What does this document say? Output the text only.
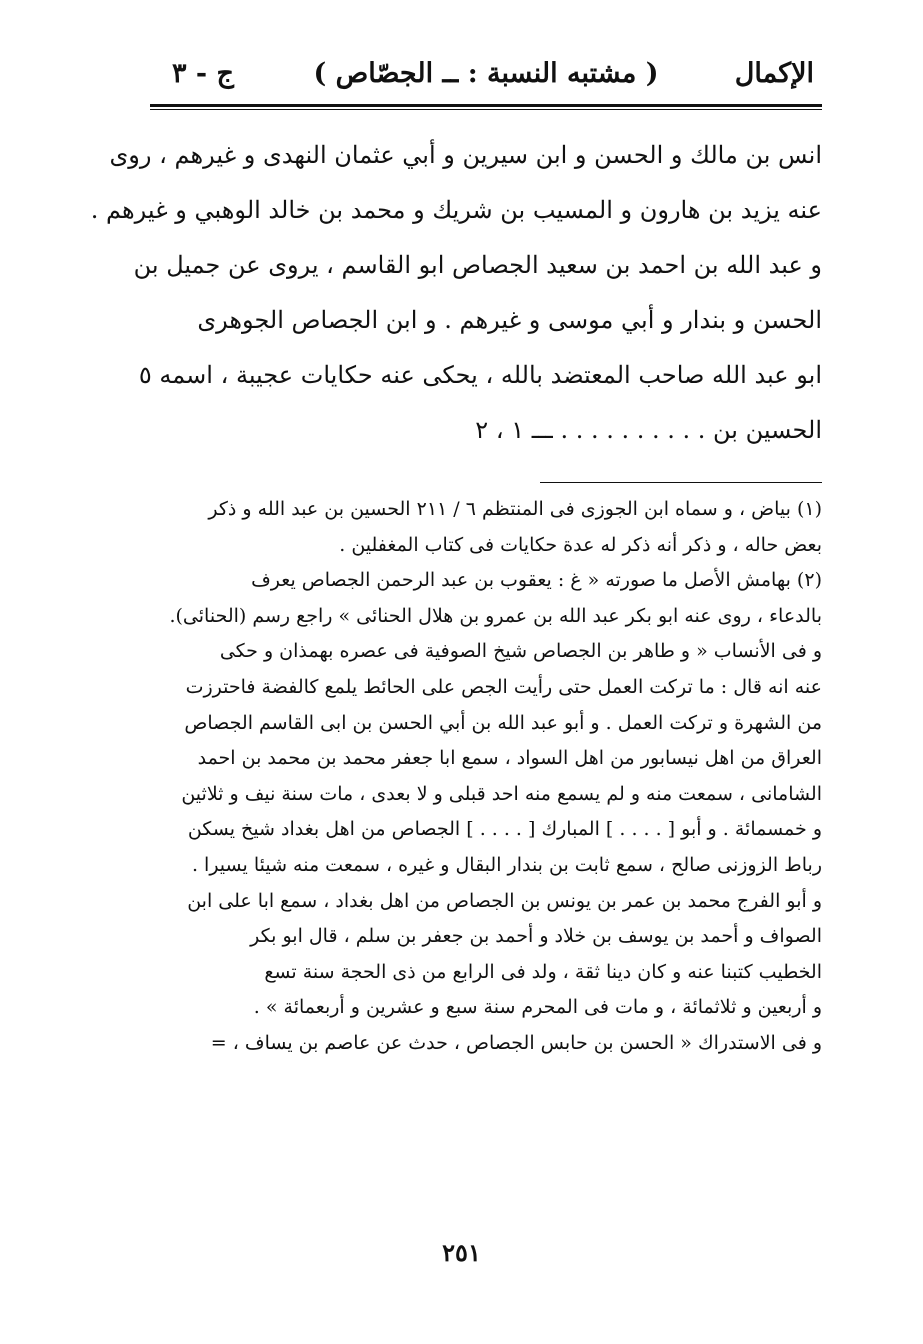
الإكمال
( مشتبه النسبة : ــ الجصّاص )
ج - ٣

انس بن مالك و الحسن و ابن سيرين و أبي عثمان النهدى و غيرهم ، روى

عنه يزيد بن هارون و المسيب بن شريك و محمد بن خالد الوهبي و غيرهم .

و عبد الله بن احمد بن سعيد الجصاص ابو القاسم ، يروى عن جميل بن

الحسن و بندار و أبي موسى و غيرهم . و ابن الجصاص الجوهرى

ابو عبد الله صاحب المعتضد بالله ، يحكى عنه حكايات عجيبة ، اسمه ٥

الحسين بن . . . . . . . . . . ـــ ١ ، ٢

(١) بياض ، و سماه ابن الجوزى فى المنتظم ٦ / ٢١١ الحسين بن عبد الله و ذكر

بعض حاله ، و ذكر أنه ذكر له عدة حكايات فى كتاب المغفلين .

(٢) بهامش الأصل ما صورته « غ : يعقوب بن عبد الرحمن الجصاص يعرف

بالدعاء ، روى عنه ابو بكر عبد الله بن عمرو بن هلال الحنائى » راجع رسم (الحنائى).

و فى الأنساب « و طاهر بن الجصاص شيخ الصوفية فى عصره بهمذان و حكى

عنه انه قال : ما تركت العمل حتى رأيت الجص على الحائط يلمع كالفضة فاحترزت

من الشهرة و تركت العمل . و أبو عبد الله بن أبي الحسن بن ابى القاسم الجصاص

العراق من اهل نيسابور من اهل السواد ، سمع ابا جعفر محمد بن محمد بن احمد

الشامانى ، سمعت منه و لم يسمع منه احد قبلى و لا بعدى ، مات سنة نيف و ثلاثين

و خمسمائة . و أبو [ . . . . ] المبارك [ . . . . ] الجصاص من اهل بغداد شيخ يسكن

رباط الزوزنى صالح ، سمع ثابت بن بندار البقال و غيره ، سمعت منه شيئا يسيرا .

و أبو الفرج محمد بن عمر بن يونس بن الجصاص من اهل بغداد ، سمع ابا على ابن

الصواف و أحمد بن يوسف بن خلاد و أحمد بن جعفر بن سلم ، قال ابو بكر

الخطيب كتبنا عنه و كان دينا ثقة ، ولد فى الرابع من ذى الحجة سنة تسع

و أربعين و ثلاثمائة ، و مات فى المحرم سنة سبع و عشرين و أربعمائة » .

و فى الاستدراك « الحسن بن حابس الجصاص ، حدث عن عاصم بن يساف ، =

٢٥١
